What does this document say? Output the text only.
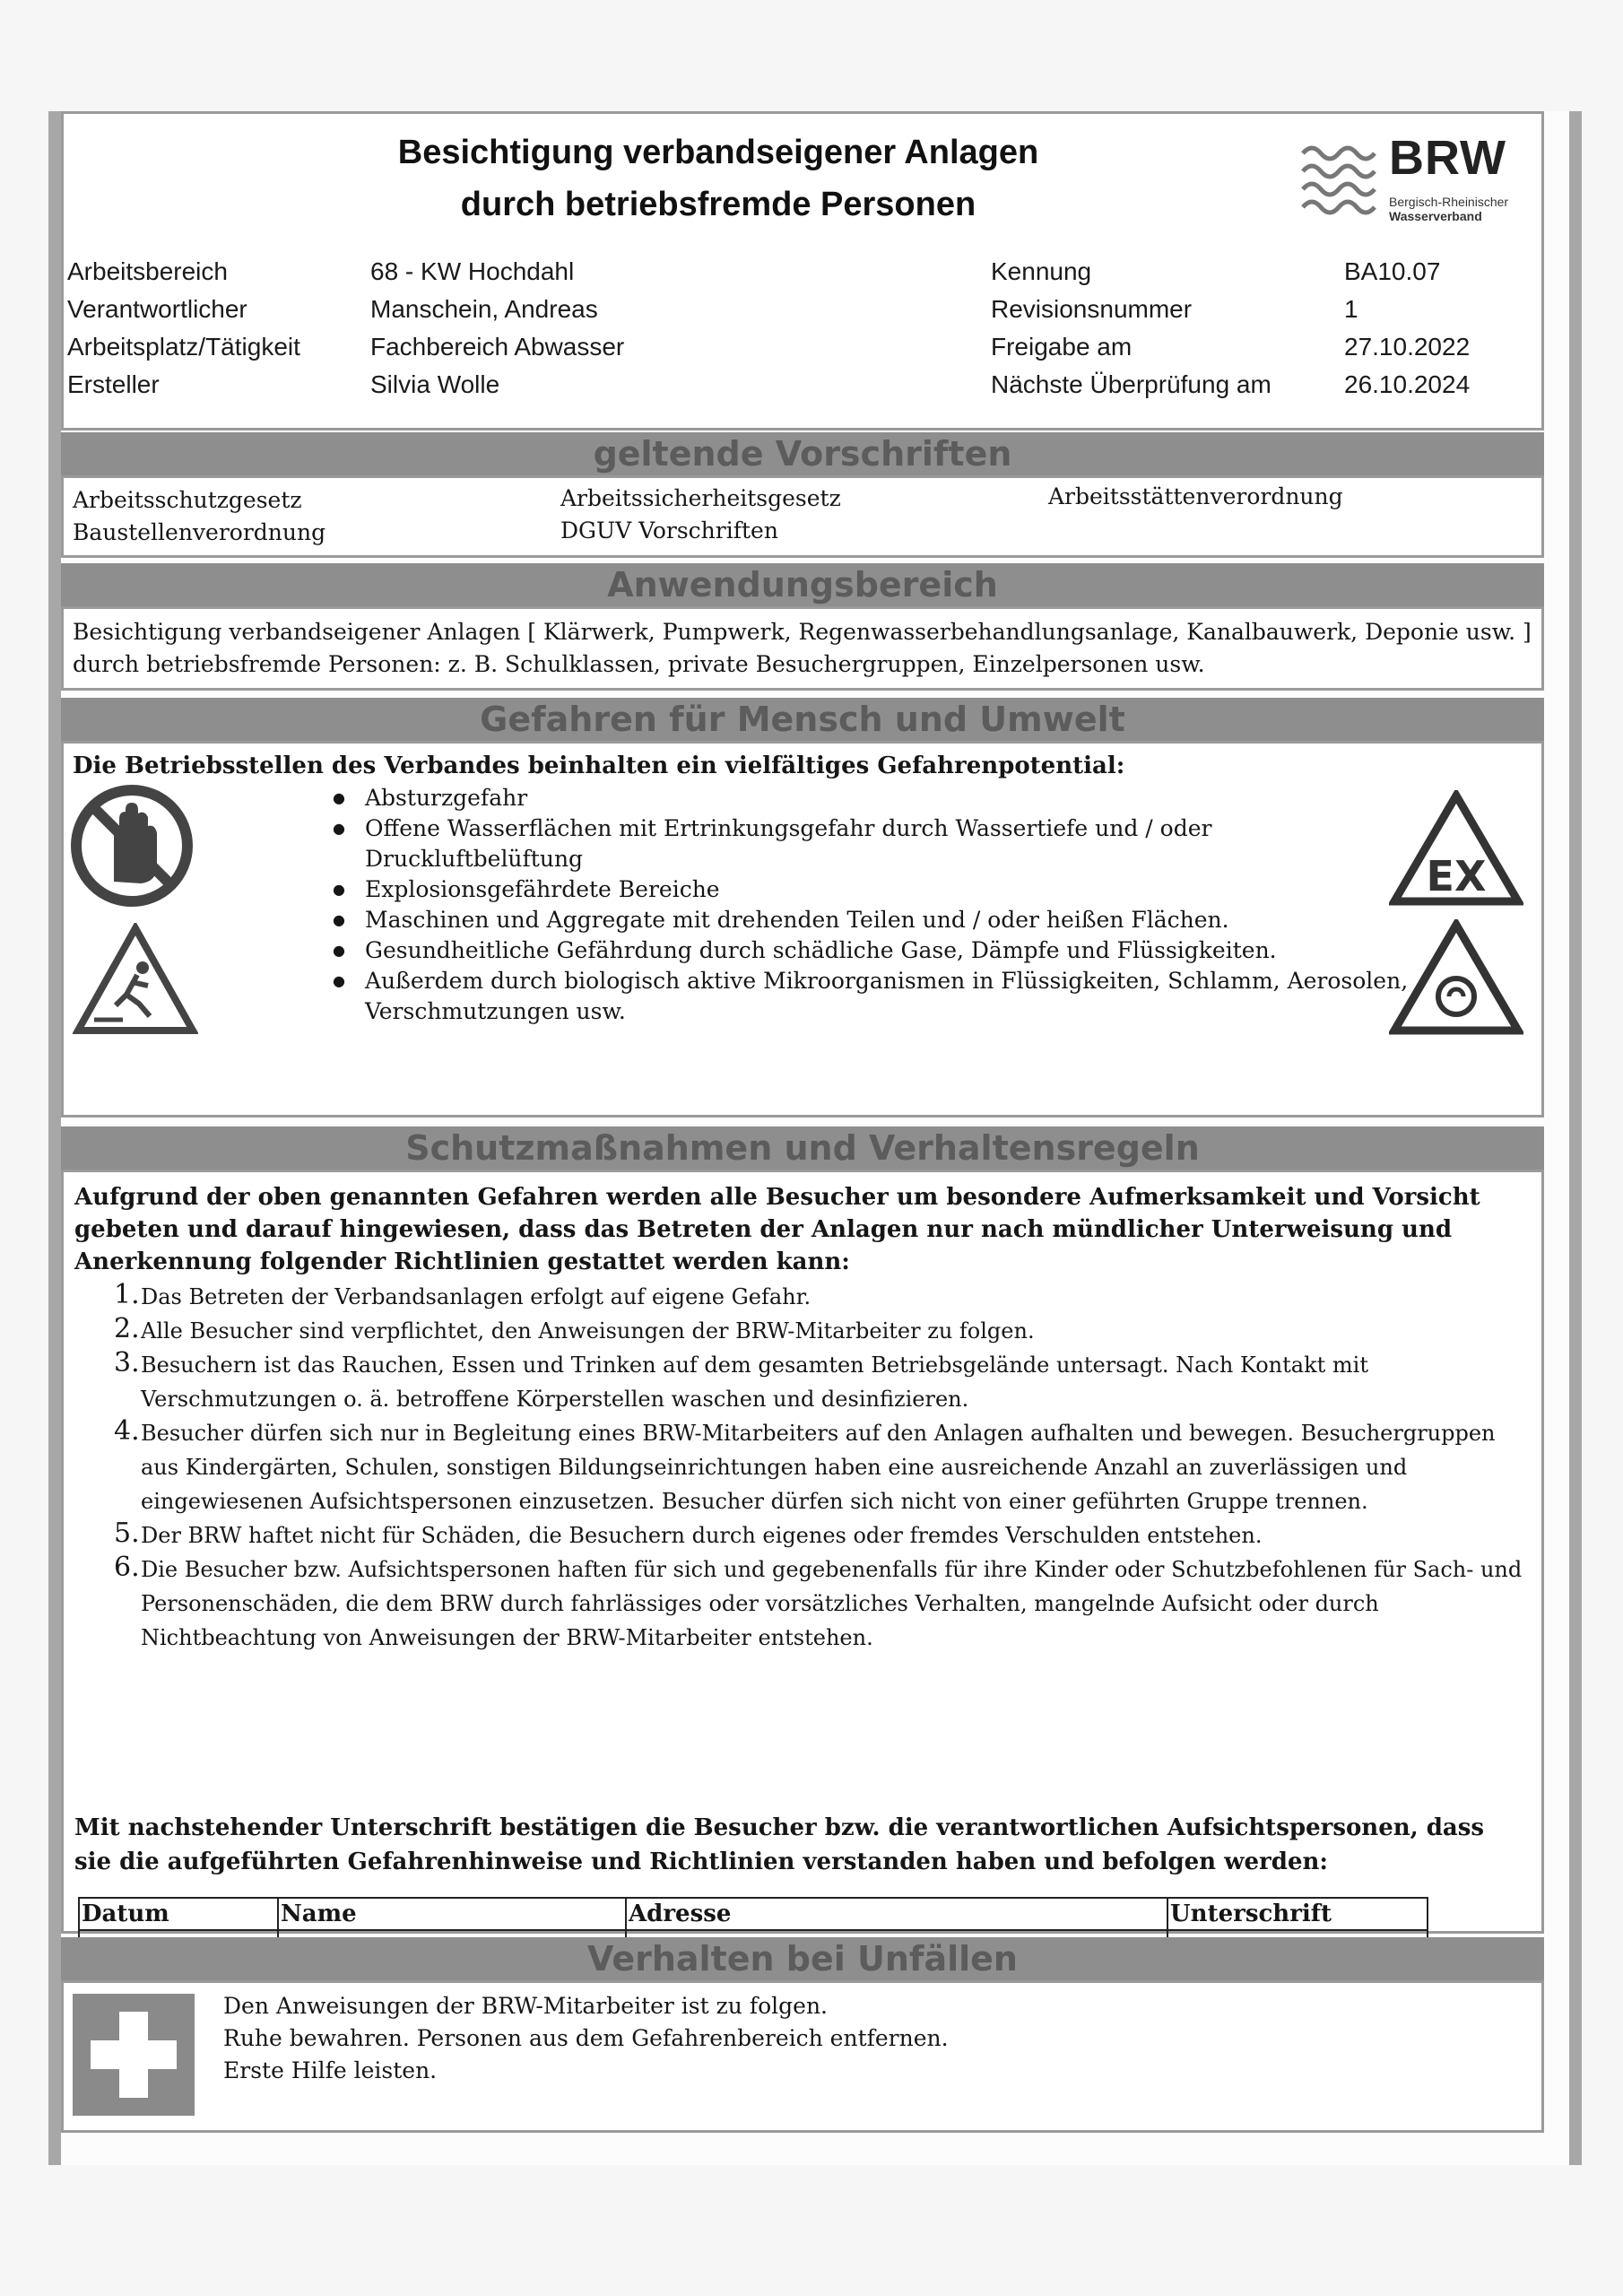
Besichtigung verbandseigener Anlagen
durch betriebsfremde Personen
BRW
Bergisch-Rheinischer
Wasserverband
Arbeitsbereich	68 - KW Hochdahl	Kennung	BA10.07
Verantwortlicher	Manschein, Andreas	Revisionsnummer	1
Arbeitsplatz/Tätigkeit	Fachbereich Abwasser	Freigabe am	27.10.2022
Ersteller	Silvia Wolle	Nächste Überprüfung am	26.10.2024
geltende Vorschriften
Arbeitsschutzgesetz	Arbeitssicherheitsgesetz	Arbeitsstättenverordnung
Baustellenverordnung	DGUV Vorschriften
Anwendungsbereich
Besichtigung verbandseigener Anlagen [ Klärwerk, Pumpwerk, Regenwasserbehandlungsanlage, Kanalbauwerk, Deponie usw. ]
durch betriebsfremde Personen: z. B. Schulklassen, private Besuchergruppen, Einzelpersonen usw.
Gefahren für Mensch und Umwelt
Die Betriebsstellen des Verbandes beinhalten ein vielfältiges Gefahrenpotential:
● Absturzgefahr
● Offene Wasserflächen mit Ertrinkungsgefahr durch Wassertiefe und / oder Druckluftbelüftung
● Explosionsgefährdete Bereiche
● Maschinen und Aggregate mit drehenden Teilen und / oder heißen Flächen.
● Gesundheitliche Gefährdung durch schädliche Gase, Dämpfe und Flüssigkeiten.
● Außerdem durch biologisch aktive Mikroorganismen in Flüssigkeiten, Schlamm, Aerosolen, Verschmutzungen usw.
EX
Schutzmaßnahmen und Verhaltensregeln
Aufgrund der oben genannten Gefahren werden alle Besucher um besondere Aufmerksamkeit und Vorsicht gebeten und darauf hingewiesen, dass das Betreten der Anlagen nur nach mündlicher Unterweisung und Anerkennung folgender Richtlinien gestattet werden kann:
1. Das Betreten der Verbandsanlagen erfolgt auf eigene Gefahr.
2. Alle Besucher sind verpflichtet, den Anweisungen der BRW-Mitarbeiter zu folgen.
3. Besuchern ist das Rauchen, Essen und Trinken auf dem gesamten Betriebsgelände untersagt. Nach Kontakt mit Verschmutzungen o. ä. betroffene Körperstellen waschen und desinfizieren.
4. Besucher dürfen sich nur in Begleitung eines BRW-Mitarbeiters auf den Anlagen aufhalten und bewegen. Besuchergruppen aus Kindergärten, Schulen, sonstigen Bildungseinrichtungen haben eine ausreichende Anzahl an zuverlässigen und eingewiesenen Aufsichtspersonen einzusetzen. Besucher dürfen sich nicht von einer geführten Gruppe trennen.
5. Der BRW haftet nicht für Schäden, die Besuchern durch eigenes oder fremdes Verschulden entstehen.
6. Die Besucher bzw. Aufsichtspersonen haften für sich und gegebenenfalls für ihre Kinder oder Schutzbefohlenen für Sach- und Personenschäden, die dem BRW durch fahrlässiges oder vorsätzliches Verhalten, mangelnde Aufsicht oder durch Nichtbeachtung von Anweisungen der BRW-Mitarbeiter entstehen.
Mit nachstehender Unterschrift bestätigen die Besucher bzw. die verantwortlichen Aufsichtspersonen, dass sie die aufgeführten Gefahrenhinweise und Richtlinien verstanden haben und befolgen werden:
Datum	Name	Adresse	Unterschrift

Verhalten bei Unfällen
Den Anweisungen der BRW-Mitarbeiter ist zu folgen.
Ruhe bewahren. Personen aus dem Gefahrenbereich entfernen.
Erste Hilfe leisten.
